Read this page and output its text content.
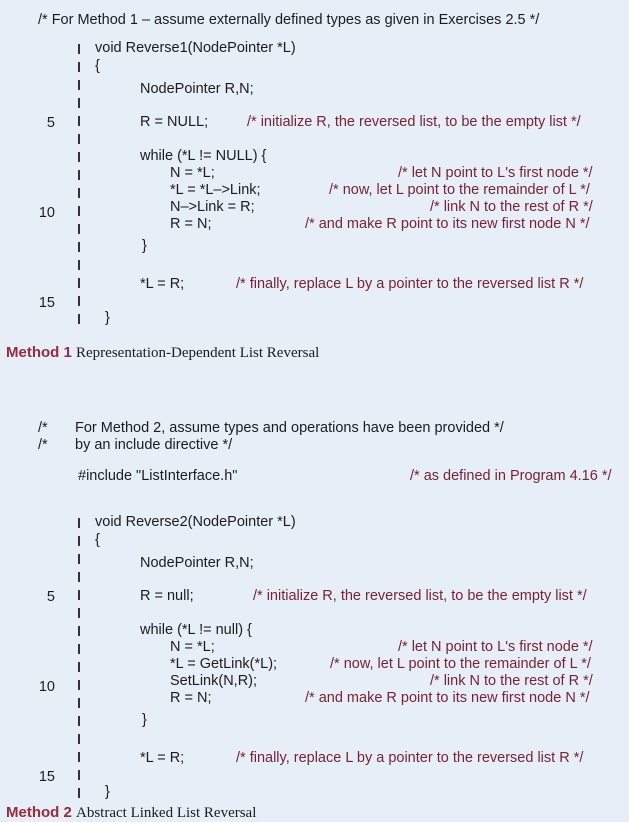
/* For Method 1 – assume externally defined types as given in Exercises 2.5 */
5
10
15
void Reverse1(NodePointer *L)
{
NodePointer R,N;
R = NULL;	/* initialize R, the reversed list, to be the empty list */
while (*L != NULL) {
N = *L;	/* let N point to L's first node */
*L = *L–>Link;	/* now, let L point to the remainder of L */
N–>Link = R;	/* link N to the rest of R */
R = N;	/* and make R point to its new first node N */
}
*L = R;	/* finally, replace L by a pointer to the reversed list R */
}
Method 1 Representation-Dependent List Reversal
/* For Method 2, assume types and operations have been provided */
/* by an include directive */
#include "ListInterface.h"	/* as defined in Program 4.16 */
5
10
15
void Reverse2(NodePointer *L)
{
NodePointer R,N;
R = null;	/* initialize R, the reversed list, to be the empty list */
while (*L != null) {
N = *L;	/* let N point to L's first node */
*L = GetLink(*L);	/* now, let L point to the remainder of L */
SetLink(N,R);	/* link N to the rest of R */
R = N;	/* and make R point to its new first node N */
}
*L = R;	/* finally, replace L by a pointer to the reversed list R */
}
Method 2 Abstract Linked List Reversal
